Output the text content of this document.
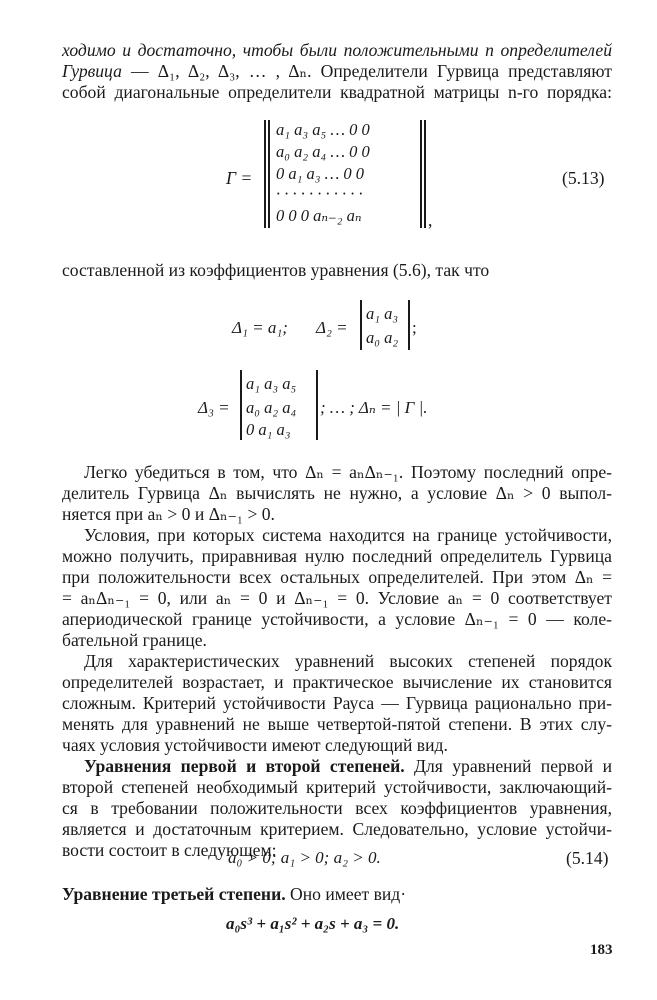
ходимо и достаточно, чтобы были положительными n определителей
Гурвица — Δ₁, Δ₂, Δ₃, … , Δₙ. Определители Гурвица представляют
собой диагональные определители квадратной матрицы n-го порядка:
Г =
a₁ a₃ a₅ … 0 0
a₀ a₂ a₄ … 0 0
0 a₁ a₃ … 0 0
· · · · · · · · · · ·
0 0 0 aₙ₋₂ aₙ	,
(5.13)
составленной из коэффициентов уравнения (5.6), так что
Δ₁ = a₁; Δ₂ =
a₁ a₃
a₀ a₂
;
Δ₃ =
a₁ a₃ a₅
a₀ a₂ a₄
0 a₁ a₃
; … ; Δₙ = | Г |.
Легко убедиться в том, что Δₙ = aₙΔₙ₋₁. Поэтому последний опре-
делитель Гурвица Δₙ вычислять не нужно, а условие Δₙ > 0 выпол-
няется при aₙ > 0 и Δₙ₋₁ > 0.
Условия, при которых система находится на границе устойчивости,
можно получить, приравнивая нулю последний определитель Гурвица
при положительности всех остальных определителей. При этом Δₙ =
= aₙΔₙ₋₁ = 0, или aₙ = 0 и Δₙ₋₁ = 0. Условие aₙ = 0 соответствует
апериодической границе устойчивости, а условие Δₙ₋₁ = 0 — коле-
бательной границе.
Для характеристических уравнений высоких степеней порядок
определителей возрастает, и практическое вычисление их становится
сложным. Критерий устойчивости Рауса — Гурвица рационально при-
менять для уравнений не выше четвертой-пятой степени. В этих слу-
чаях условия устойчивости имеют следующий вид.
Уравнения первой и второй степеней. Для уравнений первой и
второй степеней необходимый критерий устойчивости, заключающий-
ся в требовании положительности всех коэффициентов уравнения,
является и достаточным критерием. Следовательно, условие устойчи-
вости состоит в следующем:
a₀ > 0; a₁ > 0; a₂ > 0.	(5.14)
Уравнение третьей степени. Оно имеет вид·
a₀s³ + a₁s² + a₂s + a₃ = 0.
183
